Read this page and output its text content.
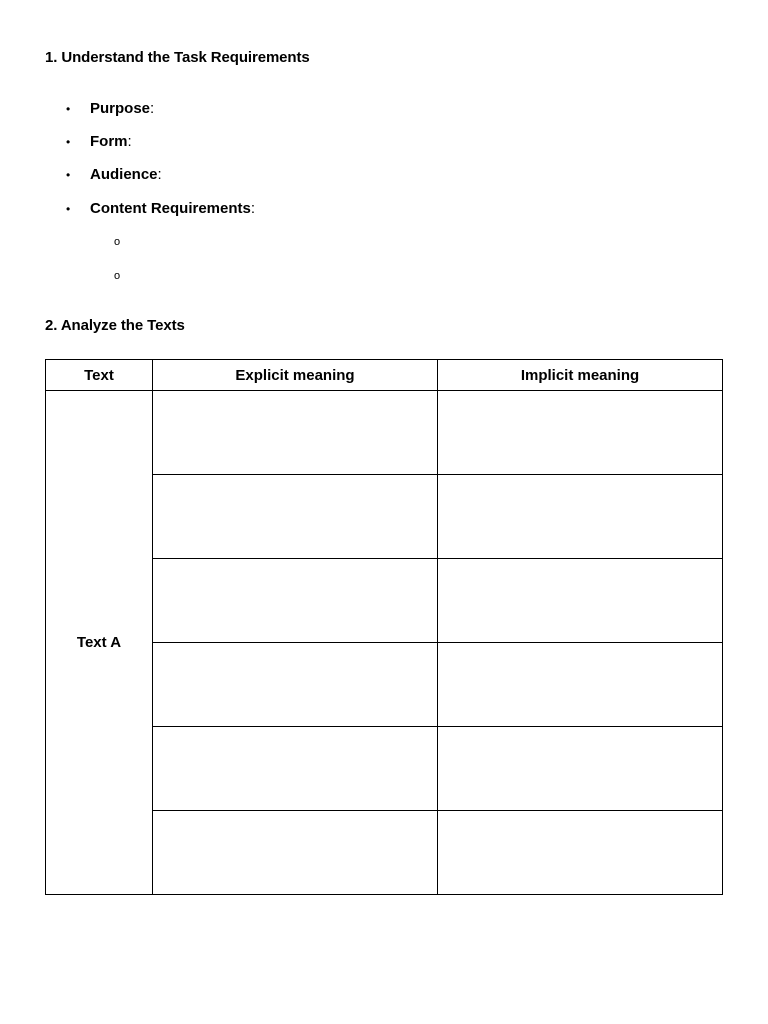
1. Understand the Task Requirements
• Purpose:
• Form:
• Audience:
• Content Requirements:
o
o
2. Analyze the Texts
Text	Explicit meaning	Implicit meaning
Text A		
